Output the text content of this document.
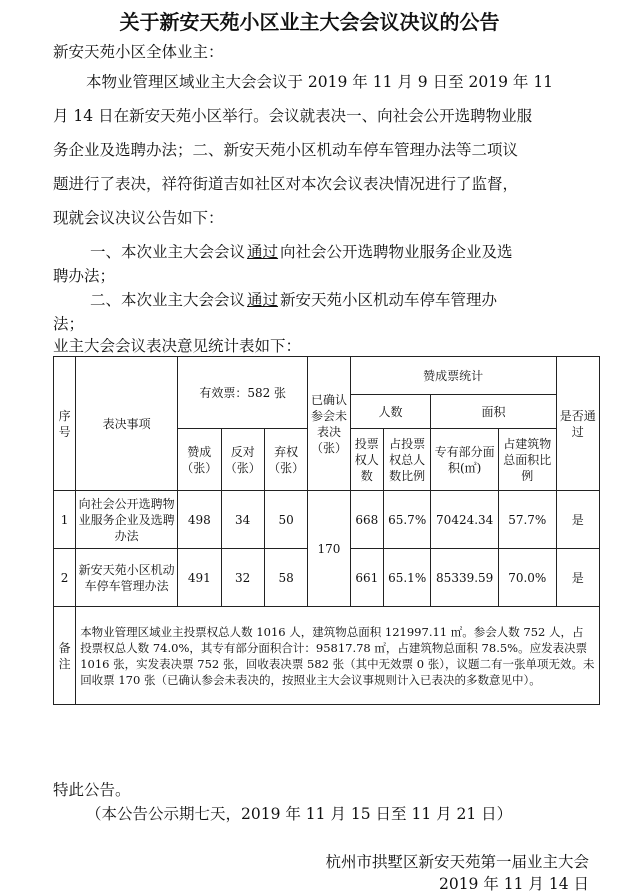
关于新安天苑小区业主大会会议决议的公告
新安天苑小区全体业主：
本物业管理区域业主大会会议于 2019 年 11 月 9 日至 2019 年 11
月 14 日在新安天苑小区举行。会议就表决一、向社会公开选聘物业服
务企业及选聘办法；二、新安天苑小区机动车停车管理办法等二项议
题进行了表决，祥符街道吉如社区对本次会议表决情况进行了监督，
现就会议决议公告如下：
一、本次业主大会会议 通过 向社会公开选聘物业服务企业及选
聘办法；
二、本次业主大会会议 通过 新安天苑小区机动车停车管理办
法；
业主大会会议表决意见统计表如下：
序号	表决事项	有效票：582 张			已确认参会未表决（张）	赞成票统计				是否通过
						人数		面积		
		赞成（张）	反对（张）	弃权（张）		投票权人数	占投票权总人数比例	专有部分面积(㎡)	占建筑物总面积比例	
1	向社会公开选聘物业服务企业及选聘办法	498	34	50	170	668	65.7%	70424.34	57.7%	是
2	新安天苑小区机动车停车管理办法	491	32	58		661	65.1%	85339.59	70.0%	是
备注	本物业管理区域业主投票权总人数 1016 人，建筑物总面积 121997.11 ㎡。参会人数 752 人，占投票权总人数 74.0%，其专有部分面积合计：95817.78 ㎡，占建筑物总面积 78.5%。应发表决票 1016 张，实发表决票 752 张，回收表决票 582 张（其中无效票 0 张），议题二有一张单项无效。未回收票 170 张（已确认参会未表决的，按照业主大会议事规则计入已表决的多数意见中）。									
特此公告。
（本公告公示期七天，2019 年 11 月 15 日至 11 月 21 日）
杭州市拱墅区新安天苑第一届业主大会
2019 年 11 月 14 日
